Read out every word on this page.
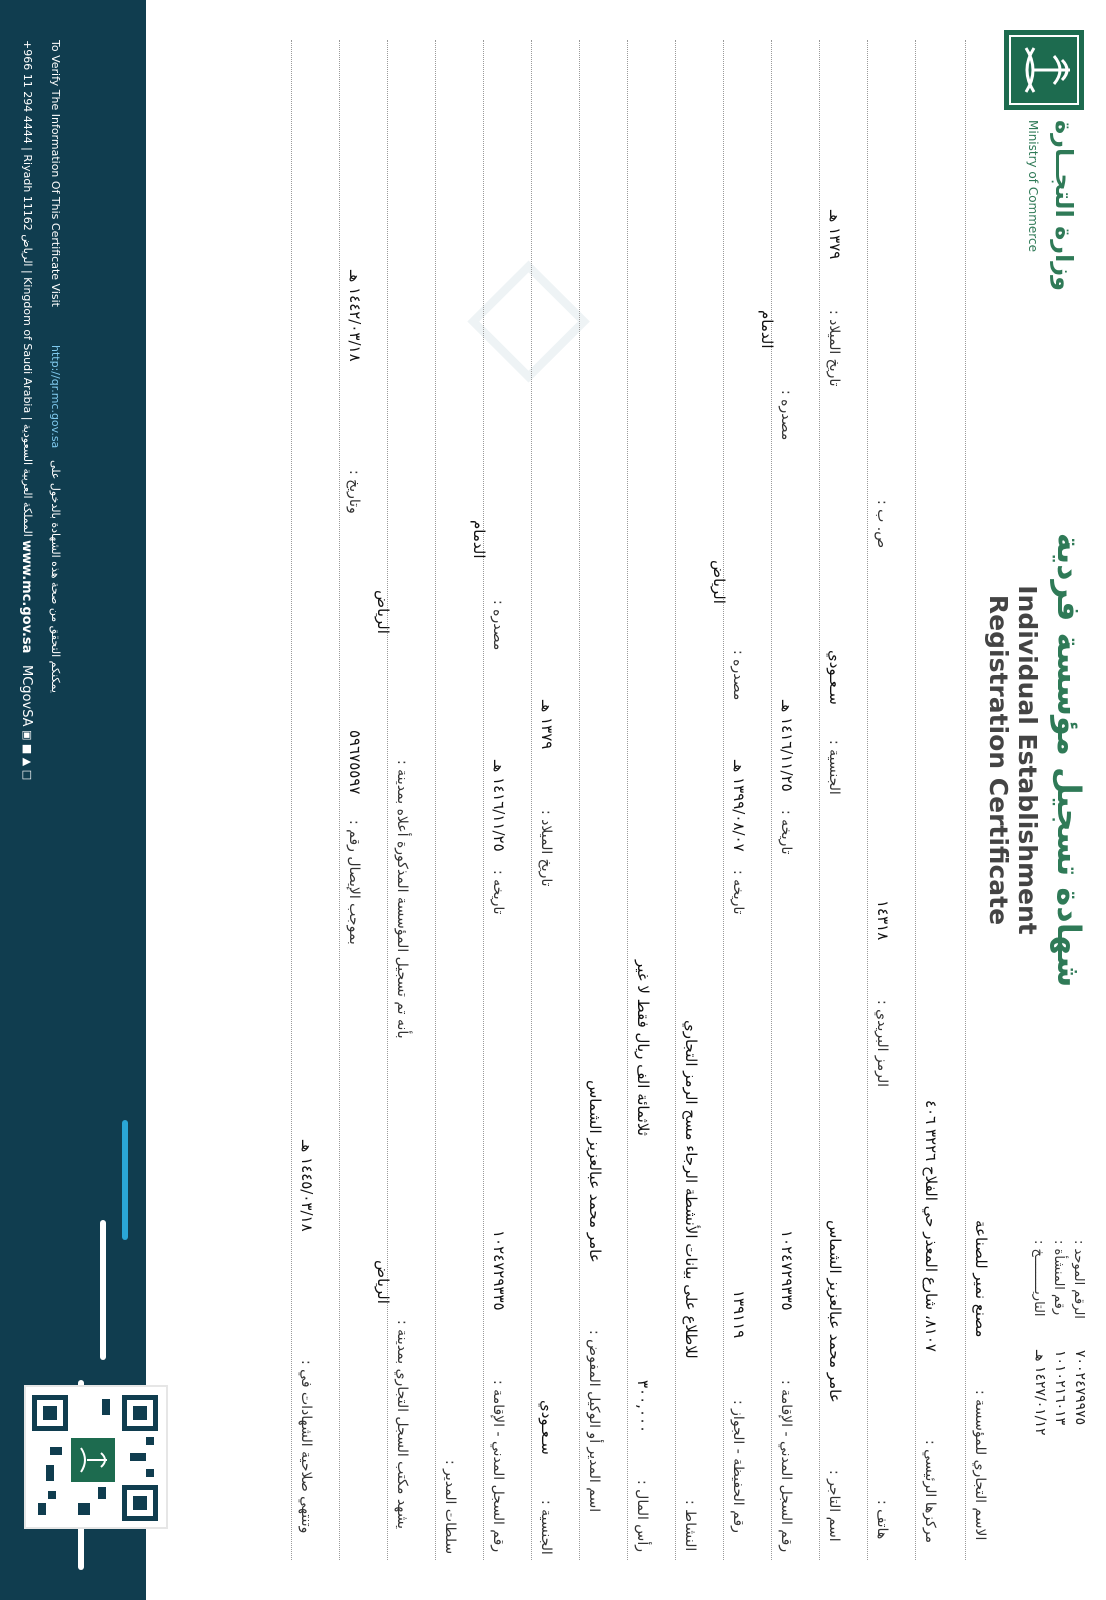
◇
وزارة التجــارة
Ministry of Commerce
شهادة تسجيل مؤسسة فردية
Individual Establishment Registration Certificate
الرقم الموحد :
٧٠٠٢٤٧٩٩٧٥
رقم المنشأة :
١٠١٠٢١٦٠١٣
التاريـــــــــخ :
١٤٢٧/٠١/١٢ هـ
الاسم التجاري للمؤسسة :
مصنع نمير للصناعة
مركزها الرئيسي :
٨١٠٧، شارع المعذر حي الفلاح ٣٢٢٦ ٤٠٦
هاتف :
الرمز البريدي :
١٤٣١٨
ص. ب :
اسم التاجر :
عامر محمد عبالعزيز الشماس
الجنسية :
سـعـودي
تاريخ الميلاد :
١٣٧٩ هـ
رقم السجل المدني - الإقامة :
١٠٢٤٧٢٩٣٣٥
تاريخه :
١٤١٦/١١/٢٥ هـ
مصدره :
الدمام
رقم الحفيظة - الجواز :
١٣٩١١٩
تاريخه :
١٣٩٩/٠٨/٠٧ هـ
مصدره :
الرياض
النشاط :
للاطلاع على بيانات الأنشطة الرجاء مسح الرمز التجاري
رأس المال :
٣٠٠,٠٠٠
ثلاثمائة الف ريال فقط لا غير
اسم المدير أو الوكيل المفوض :
عامر محمد عبالعزيز الشماس
الجنسية :
سـعـودي
تاريخ الميلاد :
١٣٧٩ هـ
رقم السجل المدني - الإقامة :
١٠٢٤٧٢٩٣٣٥
تاريخه :
١٤١٦/١١/٢٥ هـ
مصدره :
الدمام
سلطات المدير :
يشهد مكتب السجل التجاري بمدينة :
الرياض
بأنه تم تسجيل المؤسسة المذكورة أعلاه بمدينة :
الرياض
بموجب الإيصال رقم :
٥٩٦٧٥٥٩٧
وتاريخ :
١٤٤٢/٠٣/١٨ هـ
وتنتهي صلاحية الشهادات في :
١٤٤٥/٠٣/١٨ هـ
To Verify The Information Of This Certificate Visit
http://qr.mc.gov.sa
يمكنكم التحقق من صحة هذه الشهادة بالدخول على
+966 11 294 4444 | Riyadh 11162 الرياض | Kingdom of Saudi Arabia | المملكة العربية السعودية
www.mc.gov.sa
MCgovSA
▣ ■ ▲ □
